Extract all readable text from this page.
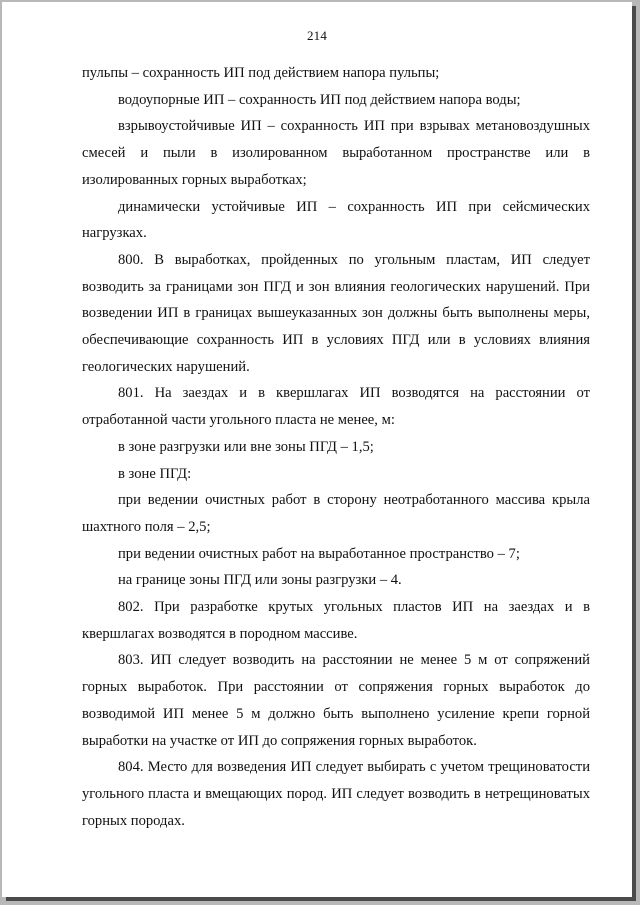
214

пульпы – сохранность ИП под действием напора пульпы;

водоупорные ИП – сохранность ИП под действием напора воды;

взрывоустойчивые ИП – сохранность ИП при взрывах метановоздушных смесей и пыли в изолированном выработанном пространстве или в изолированных горных выработках;

динамически устойчивые ИП – сохранность ИП при сейсмических нагрузках.

800. В выработках, пройденных по угольным пластам, ИП следует возводить за границами зон ПГД и зон влияния геологических нарушений. При возведении ИП в границах вышеуказанных зон должны быть выполнены меры, обеспечивающие сохранность ИП в условиях ПГД или в условиях влияния геологических нарушений.

801. На заездах и в квершлагах ИП возводятся на расстоянии от отработанной части угольного пласта не менее, м:

в зоне разгрузки или вне зоны ПГД – 1,5;

в зоне ПГД:

при ведении очистных работ в сторону неотработанного массива крыла шахтного поля – 2,5;

при ведении очистных работ на выработанное пространство – 7;

на границе зоны ПГД или зоны разгрузки – 4.

802. При разработке крутых угольных пластов ИП на заездах и в квершлагах возводятся в породном массиве.

803. ИП следует возводить на расстоянии не менее 5 м от сопряжений горных выработок. При расстоянии от сопряжения горных выработок до возводимой ИП менее 5 м должно быть выполнено усиление крепи горной выработки на участке от ИП до сопряжения горных выработок.

804. Место для возведения ИП следует выбирать с учетом трещиноватости угольного пласта и вмещающих пород. ИП следует возводить в нетрещиноватых горных породах.
